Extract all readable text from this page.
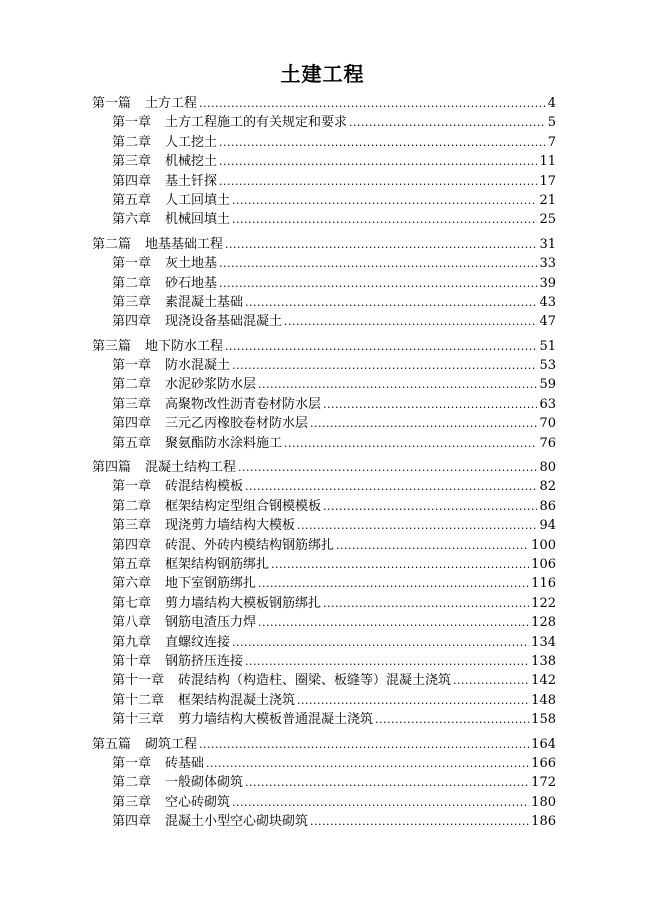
土建工程
第一篇 土方工程 .....	4
第一章 土方工程施工的有关规定和要求 .....	5
第二章 人工挖土 .....	7
第三章 机械挖土 .....	11
第四章 基土钎探 .....	17
第五章 人工回填土 .....	21
第六章 机械回填土 .....	25
第二篇 地基基础工程 .....	31
第一章 灰土地基 .....	33
第二章 砂石地基 .....	39
第三章 素混凝土基础 .....	43
第四章 现浇设备基础混凝土 .....	47
第三篇 地下防水工程 .....	51
第一章 防水混凝土 .....	53
第二章 水泥砂浆防水层 .....	59
第三章 高聚物改性沥青卷材防水层 .....	63
第四章 三元乙丙橡胶卷材防水层 .....	70
第五章 聚氨酯防水涂料施工 .....	76
第四篇 混凝土结构工程 .....	80
第一章 砖混结构模板 .....	82
第二章 框架结构定型组合钢模模板 .....	86
第三章 现浇剪力墙结构大模板 .....	94
第四章 砖混、外砖内模结构钢筋绑扎 .....	100
第五章 框架结构钢筋绑扎 .....	106
第六章 地下室钢筋绑扎 .....	116
第七章 剪力墙结构大模板钢筋绑扎 .....	122
第八章 钢筋电渣压力焊 .....	128
第九章 直螺纹连接 .....	134
第十章 钢筋挤压连接 .....	138
第十一章 砖混结构（构造柱、圈梁、板缝等）混凝土浇筑 .....	142
第十二章 框架结构混凝土浇筑 .....	148
第十三章 剪力墙结构大模板普通混凝土浇筑 .....	158
第五篇 砌筑工程 .....	164
第一章 砖基础 .....	166
第二章 一般砌体砌筑 .....	172
第三章 空心砖砌筑 .....	180
第四章 混凝土小型空心砌块砌筑 .....	186
